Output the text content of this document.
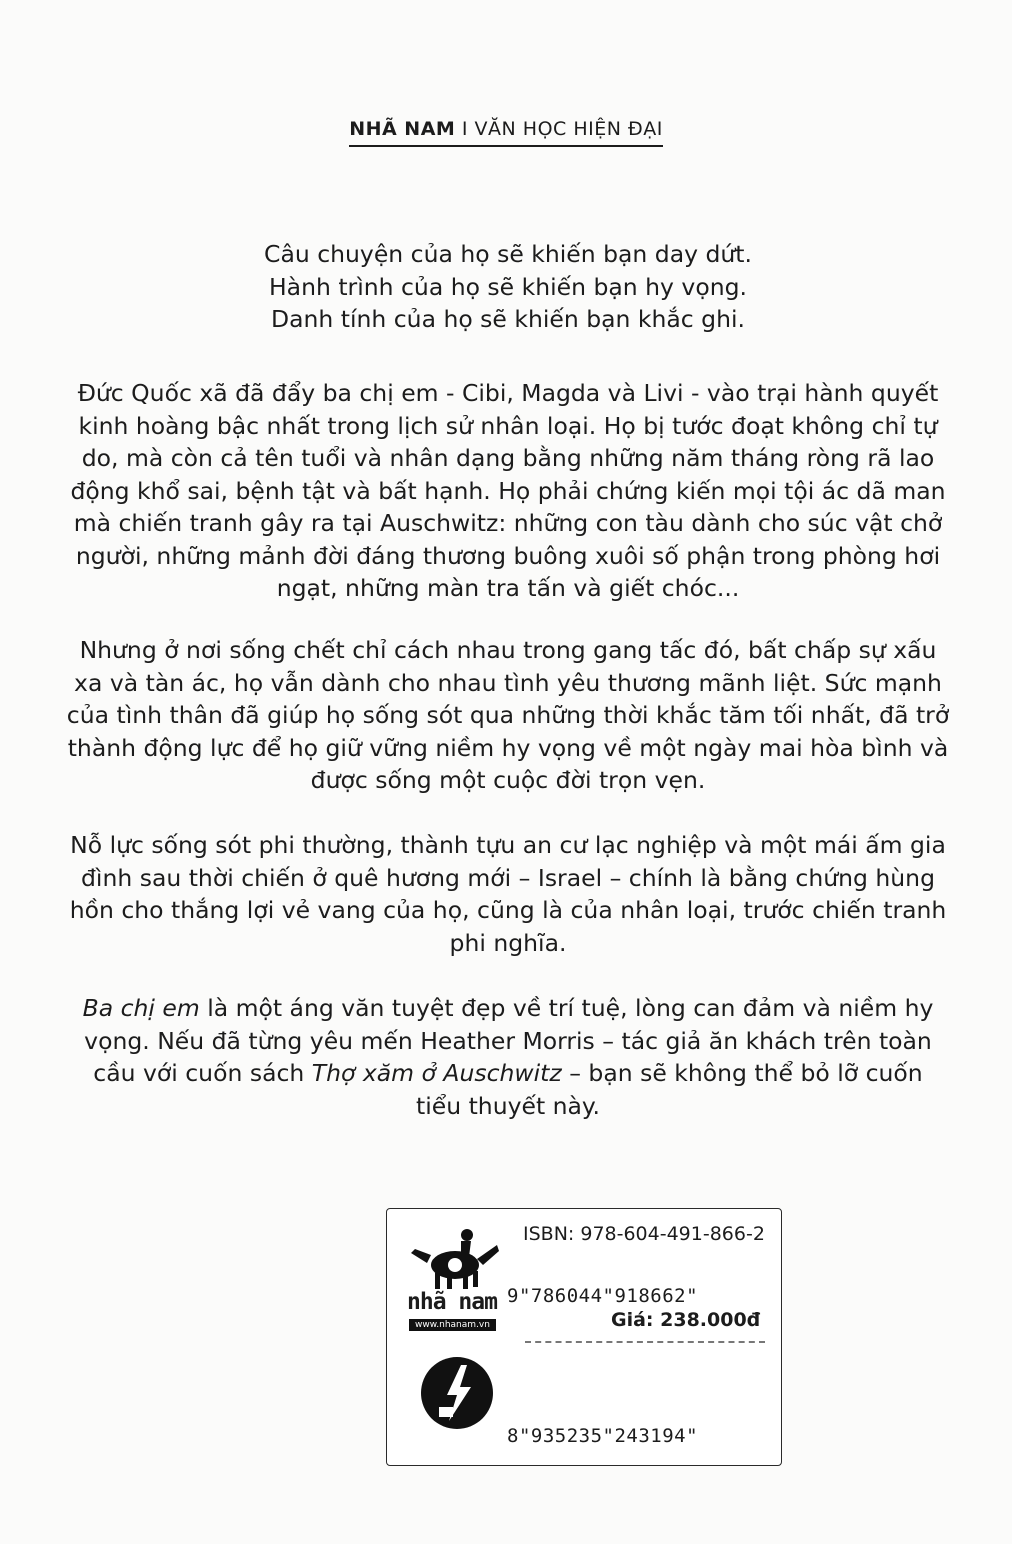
NHÃ NAM I VĂN HỌC HIỆN ĐẠI

Câu chuyện của họ sẽ khiến bạn day dứt.

Hành trình của họ sẽ khiến bạn hy vọng.

Danh tính của họ sẽ khiến bạn khắc ghi.

Đức Quốc xã đã đẩy ba chị em - Cibi, Magda và Livi - vào trại hành quyết

kinh hoàng bậc nhất trong lịch sử nhân loại. Họ bị tước đoạt không chỉ tự

do, mà còn cả tên tuổi và nhân dạng bằng những năm tháng ròng rã lao

động khổ sai, bệnh tật và bất hạnh. Họ phải chứng kiến mọi tội ác dã man

mà chiến tranh gây ra tại Auschwitz: những con tàu dành cho súc vật chở

người, những mảnh đời đáng thương buông xuôi số phận trong phòng hơi

ngạt, những màn tra tấn và giết chóc...

Nhưng ở nơi sống chết chỉ cách nhau trong gang tấc đó, bất chấp sự xấu

xa và tàn ác, họ vẫn dành cho nhau tình yêu thương mãnh liệt. Sức mạnh

của tình thân đã giúp họ sống sót qua những thời khắc tăm tối nhất, đã trở

thành động lực để họ giữ vững niềm hy vọng về một ngày mai hòa bình và

được sống một cuộc đời trọn vẹn.

Nỗ lực sống sót phi thường, thành tựu an cư lạc nghiệp và một mái ấm gia

đình sau thời chiến ở quê hương mới – Israel – chính là bằng chứng hùng

hồn cho thắng lợi vẻ vang của họ, cũng là của nhân loại, trước chiến tranh

phi nghĩa.

Ba chị em là một áng văn tuyệt đẹp về trí tuệ, lòng can đảm và niềm hy

vọng. Nếu đã từng yêu mến Heather Morris – tác giả ăn khách trên toàn

cầu với cuốn sách Thợ xăm ở Auschwitz – bạn sẽ không thể bỏ lỡ cuốn

tiểu thuyết này.

nhã nam
www.nhanam.vn
ISBN: 978-604-491-866-2
9"786044"918662"
Giá: 238.000đ
8"935235"243194"
